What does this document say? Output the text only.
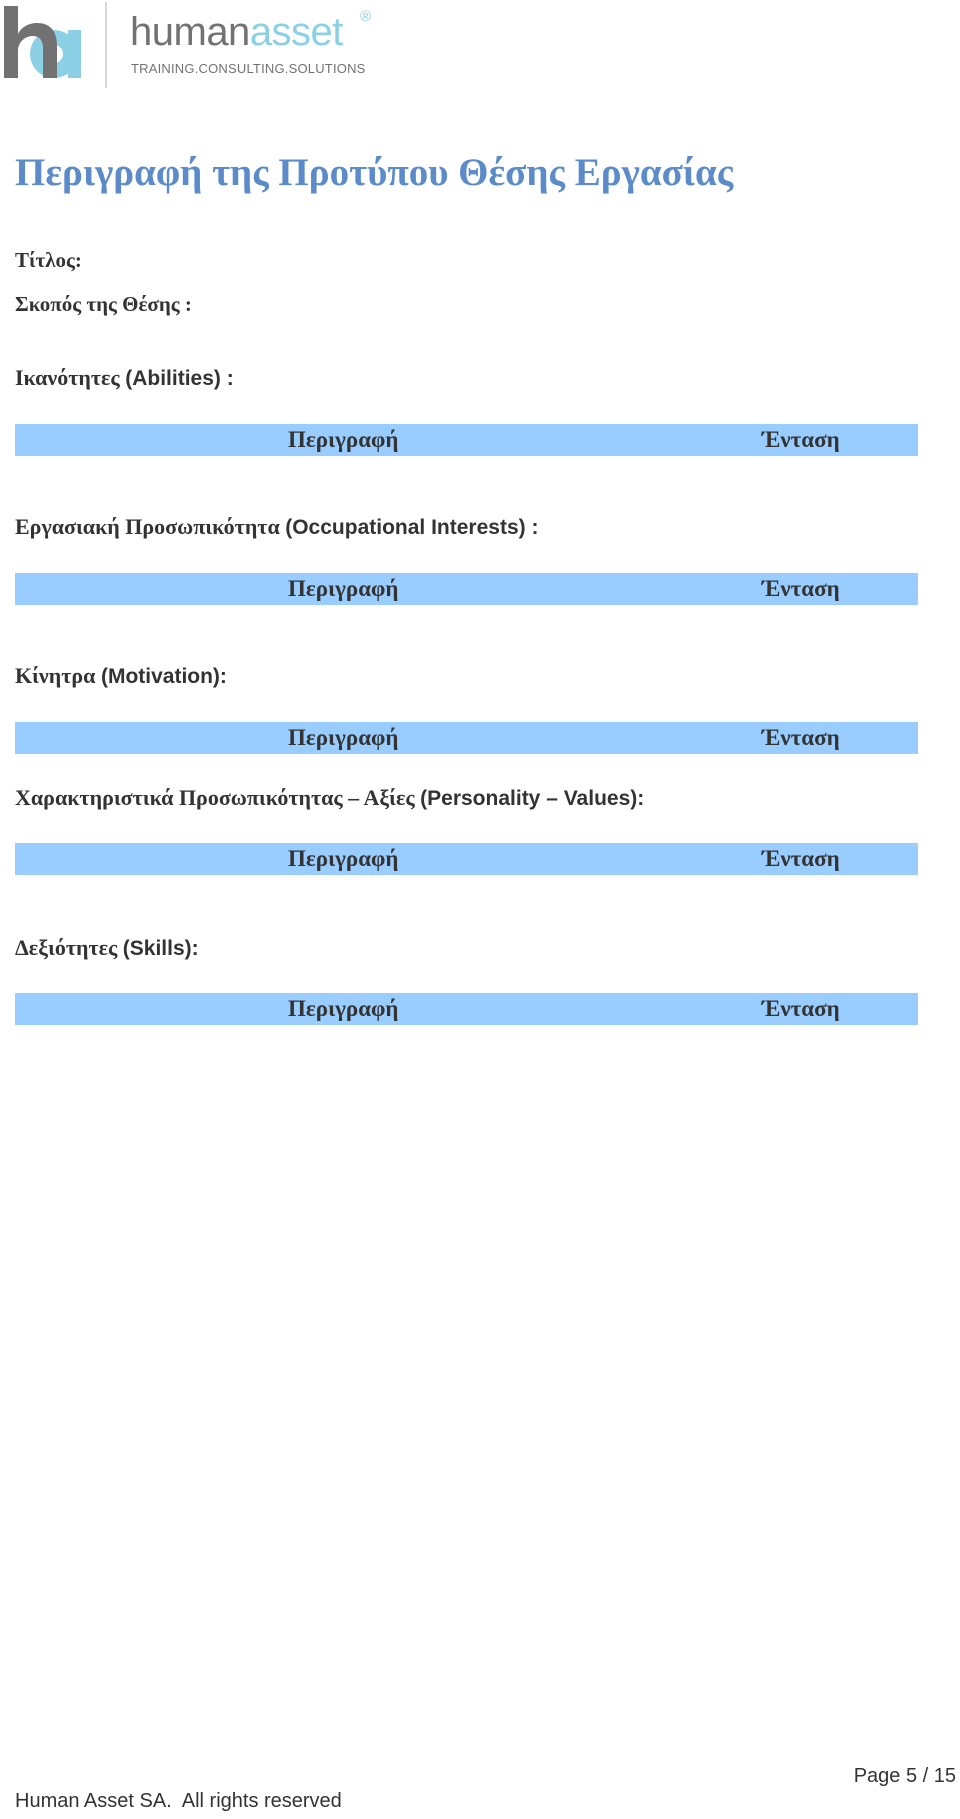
humanasset ®
TRAINING.CONSULTING.SOLUTIONS
Περιγραφή της Προτύπου Θέσης Εργασίας
Τίτλος:
Σκοπός της Θέσης :
Ικανότητες (Abilities) :
Περιγραφή	Ένταση
Εργασιακή Προσωπικότητα (Occupational Interests) :
Περιγραφή	Ένταση
Κίνητρα (Motivation):
Περιγραφή	Ένταση
Χαρακτηριστικά Προσωπικότητας – Αξίες (Personality – Values):
Περιγραφή	Ένταση
Δεξιότητες (Skills):
Περιγραφή	Ένταση
Page 5 / 15
Human Asset SA.  All rights reserved
